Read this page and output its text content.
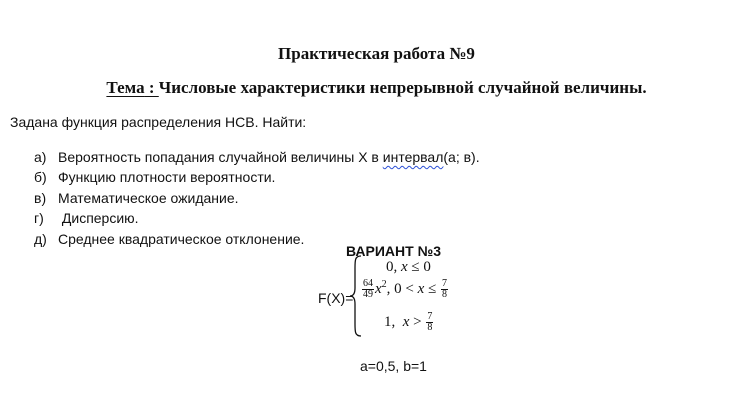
Практическая работа №9
Тема : Числовые характеристики непрерывной случайной величины.
Задана функция распределения НСВ. Найти:
а) Вероятность попадания случайной величины Х в интервал(а; в).
б) Функцию плотности вероятности.
в) Математическое ожидание.
г) Дисперсию.
д) Среднее квадратическое отклонение.
ВАРИАНТ №3
F(X)=
0, x ≤ 0
$\frac{64}{49} x^2$, $0 < x \le \frac{7}{8}$
1,  $x > \frac{7}{8}$
a=0,5, b=1
